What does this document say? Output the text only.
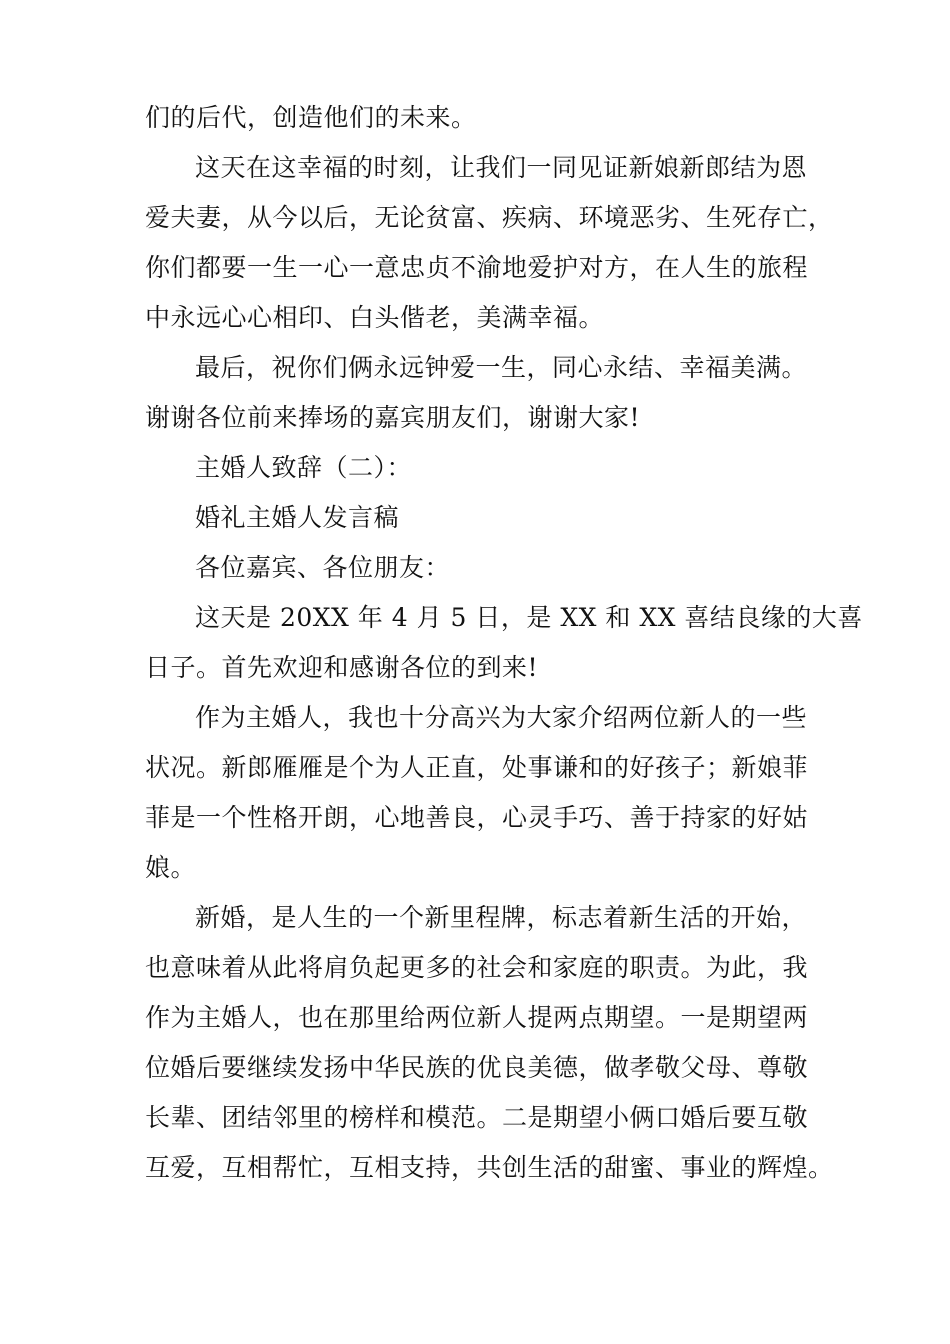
们的后代，创造他们的未来。
这天在这幸福的时刻，让我们一同见证新娘新郎结为恩
爱夫妻，从今以后，无论贫富、疾病、环境恶劣、生死存亡，
你们都要一生一心一意忠贞不渝地爱护对方，在人生的旅程
中永远心心相印、白头偕老，美满幸福。
最后，祝你们俩永远钟爱一生，同心永结、幸福美满。
谢谢各位前来捧场的嘉宾朋友们，谢谢大家!
主婚人致辞（二）：
婚礼主婚人发言稿
各位嘉宾、各位朋友：
这天是 20XX 年 4 月 5 日，是 XX 和 XX 喜结良缘的大喜
日子。首先欢迎和感谢各位的到来!
作为主婚人，我也十分高兴为大家介绍两位新人的一些
状况。新郎雁雁是个为人正直，处事谦和的好孩子；新娘菲
菲是一个性格开朗，心地善良，心灵手巧、善于持家的好姑
娘。
新婚，是人生的一个新里程牌，标志着新生活的开始，
也意味着从此将肩负起更多的社会和家庭的职责。为此，我
作为主婚人，也在那里给两位新人提两点期望。一是期望两
位婚后要继续发扬中华民族的优良美德，做孝敬父母、尊敬
长辈、团结邻里的榜样和模范。二是期望小俩口婚后要互敬
互爱，互相帮忙，互相支持，共创生活的甜蜜、事业的辉煌。
